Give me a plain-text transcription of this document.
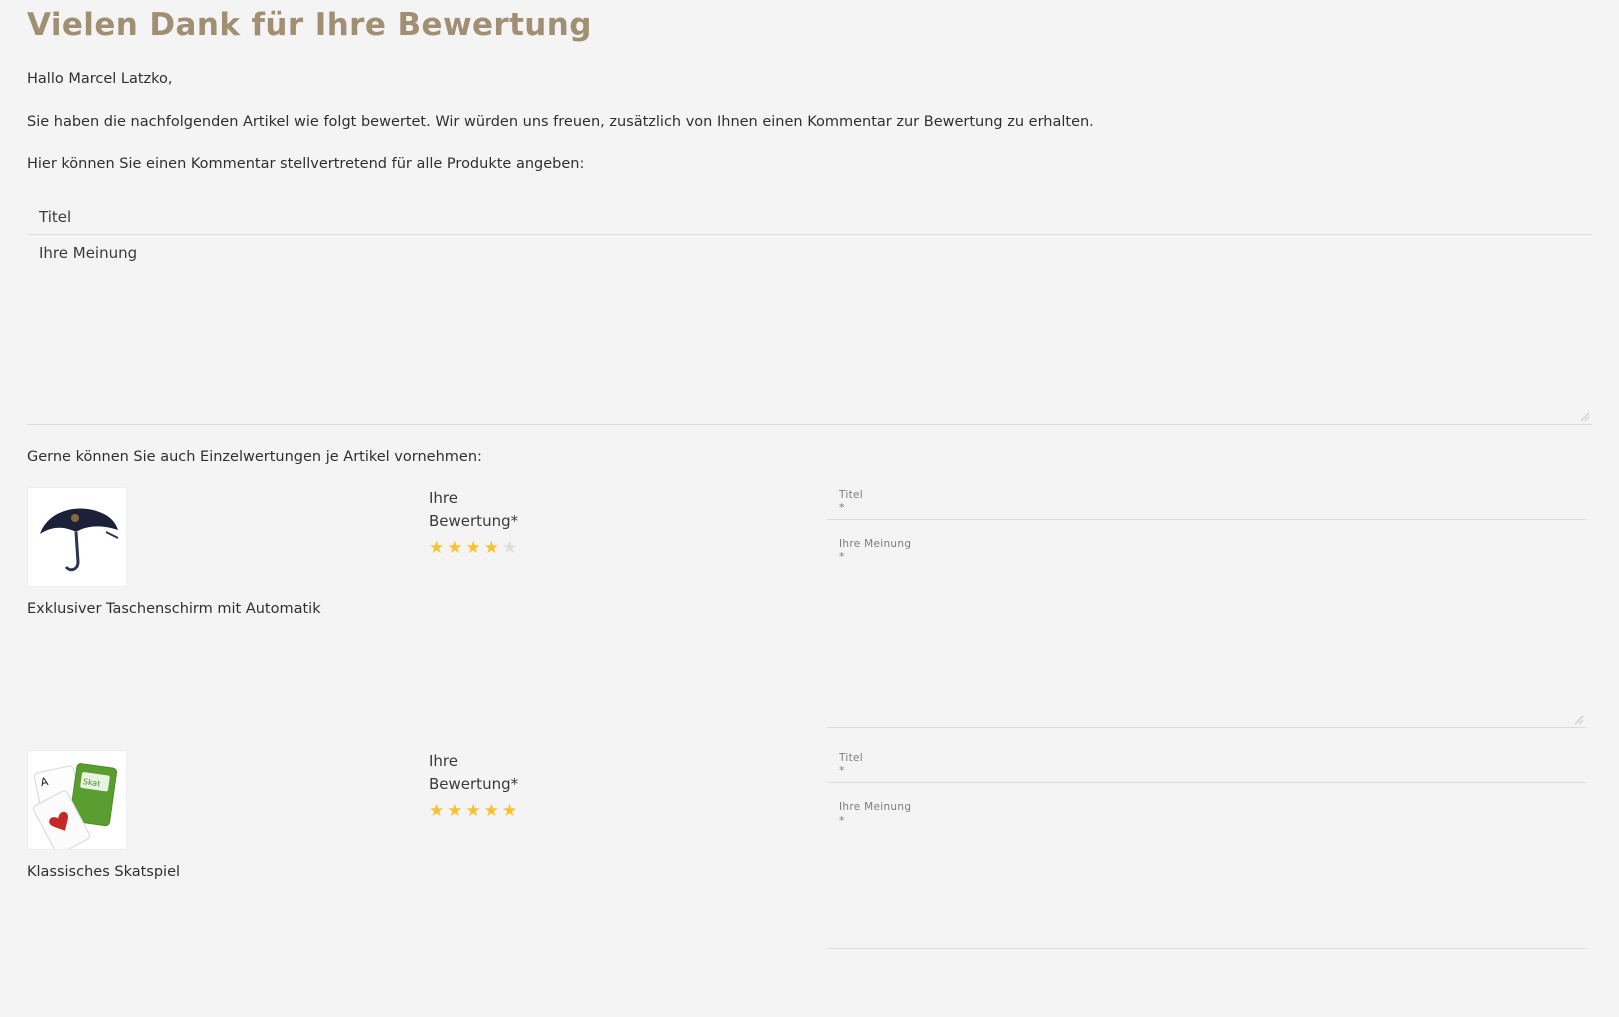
Vielen Dank für Ihre Bewertung
Hallo Marcel Latzko,
Sie haben die nachfolgenden Artikel wie folgt bewertet. Wir würden uns freuen, zusätzlich von Ihnen einen Kommentar zur Bewertung zu erhalten.
Hier können Sie einen Kommentar stellvertretend für alle Produkte angeben:
Titel
Ihre Meinung
Gerne können Sie auch Einzelwertungen je Artikel vornehmen:
Exklusiver Taschenschirm mit Automatik
Ihre Bewertung*
★★★★★
Titel
*
Ihre Meinung
*
A	Skat
Klassisches Skatspiel
Ihre Bewertung*
★★★★★
Titel
*
Ihre Meinung
*
